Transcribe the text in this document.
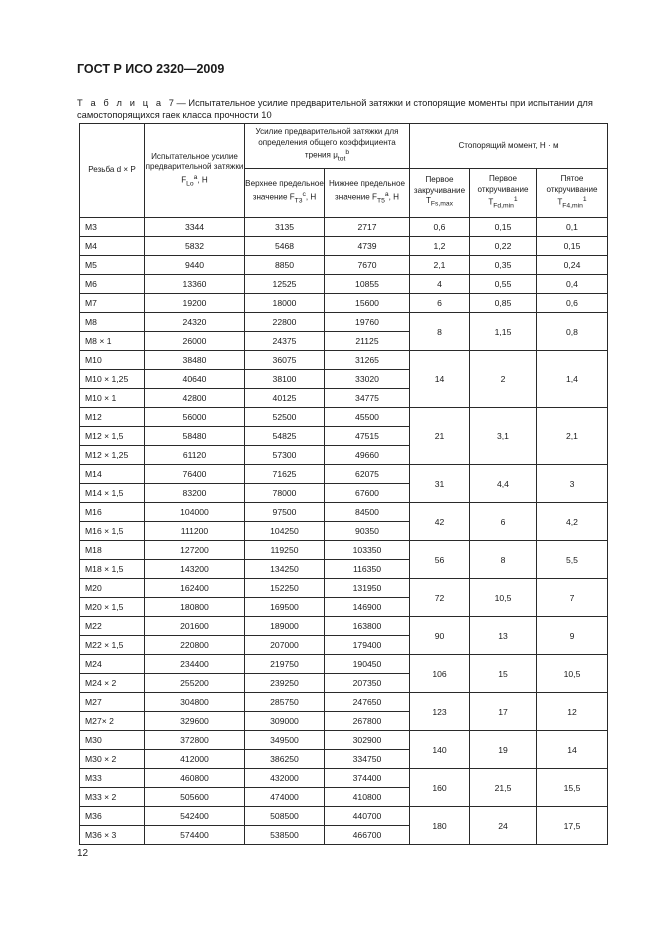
ГОСТ Р ИСО 2320—2009
Т а б л и ц а 7 — Испытательное усилие предварительной затяжки и стопорящие моменты при испытании для самостопорящихся гаек класса прочности 10
Резьба d × P	Испытательное усилие предварительной затяжки $F_{Lo}^a$, Н	Усилие предварительной затяжки для определения общего коэффициента трения $\mu_{tot}^b$		Стопорящий момент, Н · м		
		Верхнее предельное значение $F_{T3}^c$, Н	Нижнее предельное значение $F_{T5}^a$, Н	Первое закручивание $T_{Fs,max}$	Первое откручивание $T_{Fd,min}^1$	Пятое откручивание $T_{F4,min}^1$
M3	3344	3135	2717	0,6	0,15	0,1
M4	5832	5468	4739	1,2	0,22	0,15
M5	9440	8850	7670	2,1	0,35	0,24
M6	13360	12525	10855	4	0,55	0,4
M7	19200	18000	15600	6	0,85	0,6
M8	24320	22800	19760	8	1,15	0,8
M8 × 1	26000	24375	21125			
M10	38480	36075	31265	14	2	1,4
M10 × 1,25	40640	38100	33020			
M10 × 1	42800	40125	34775			
M12	56000	52500	45500	21	3,1	2,1
M12 × 1,5	58480	54825	47515			
M12 × 1,25	61120	57300	49660			
M14	76400	71625	62075	31	4,4	3
M14 × 1,5	83200	78000	67600			
M16	104000	97500	84500	42	6	4,2
M16 × 1,5	111200	104250	90350			
M18	127200	119250	103350	56	8	5,5
M18 × 1,5	143200	134250	116350			
M20	162400	152250	131950	72	10,5	7
M20 × 1,5	180800	169500	146900			
M22	201600	189000	163800	90	13	9
M22 × 1,5	220800	207000	179400			
M24	234400	219750	190450	106	15	10,5
M24 × 2	255200	239250	207350			
M27	304800	285750	247650	123	17	12
M27× 2	329600	309000	267800			
M30	372800	349500	302900	140	19	14
M30 × 2	412000	386250	334750			
M33	460800	432000	374400	160	21,5	15,5
M33 × 2	505600	474000	410800			
M36	542400	508500	440700	180	24	17,5
M36 × 3	574400	538500	466700			
12
